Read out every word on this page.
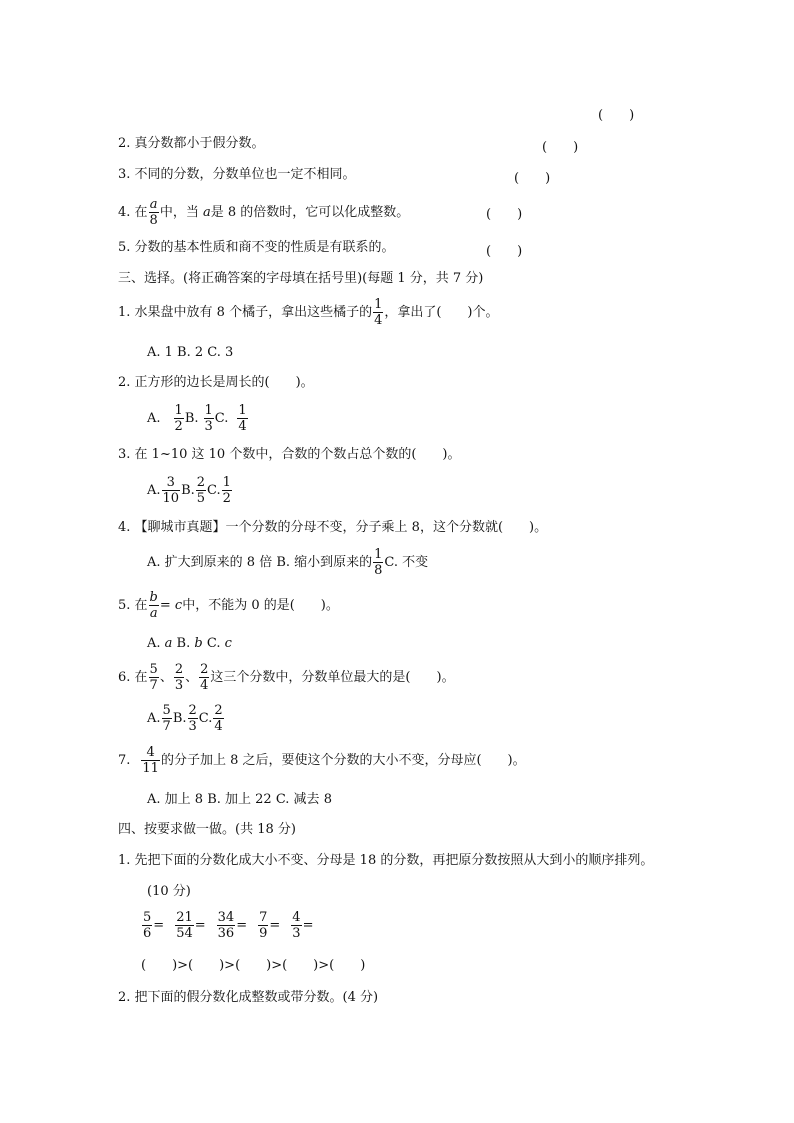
(　　)
2. 真分数都小于假分数。	(　　)
3. 不同的分数，分数单位也一定不相同。	(　　)
4. 在 $\frac{a}{8}$ 中，当 a是 8 的倍数时，它可以化成整数。	(　　)
5. 分数的基本性质和商不变的性质是有联系的。	(　　)
三、选择。(将正确答案的字母填在括号里)(每题 1 分，共 7 分)
1. 水果盘中放有 8 个橘子，拿出这些橘子的 $\frac{1}{4}$ ，拿出了(　　)个。
A. 1 B. 2 C. 3
2. 正方形的边长是周长的(　　)。
A. $\frac{1}{2} B$. $\frac{1}{3} C$. $\frac{1}{4}$
3. 在 1~10 这 10 个数中，合数的个数占总个数的(　　)。
A. $\frac{3}{10} B$. $\frac{2}{5} C$. $\frac{1}{2}$
4. 【聊城市真题】一个分数的分母不变，分子乘上 8，这个分数就(　　)。
A. 扩大到原来的 8 倍 B. 缩小到原来的 $\frac{1}{8} C$. 不变
5. 在 $\frac{b}{a} = c$中，不能为 0 的是(　　)。
A. a B. b C. c
6. 在 $\frac{5}{7}$ 、 $\frac{2}{3}$ 、 $\frac{2}{4}$ 这三个分数中，分数单位最大的是(　　)。
A. $\frac{5}{7} B$. $\frac{2}{3} C$. $\frac{2}{4}$
7. $\frac{4}{11}$ 的分子加上 8 之后，要使这个分数的大小不变，分母应(　　)。
A. 加上 8 B. 加上 22 C. 减去 8
四、按要求做一做。(共 18 分)
1. 先把下面的分数化成大小不变、分母是 18 的分数，再把原分数按照从大到小的顺序排列。
(10 分)
$\frac{5}{6} = \frac{21}{54} = \frac{34}{36} = \frac{7}{9} = \frac{4}{3}$ =
(　　)>(　　)>(　　)>(　　)>(　　)
2. 把下面的假分数化成整数或带分数。(4 分)
